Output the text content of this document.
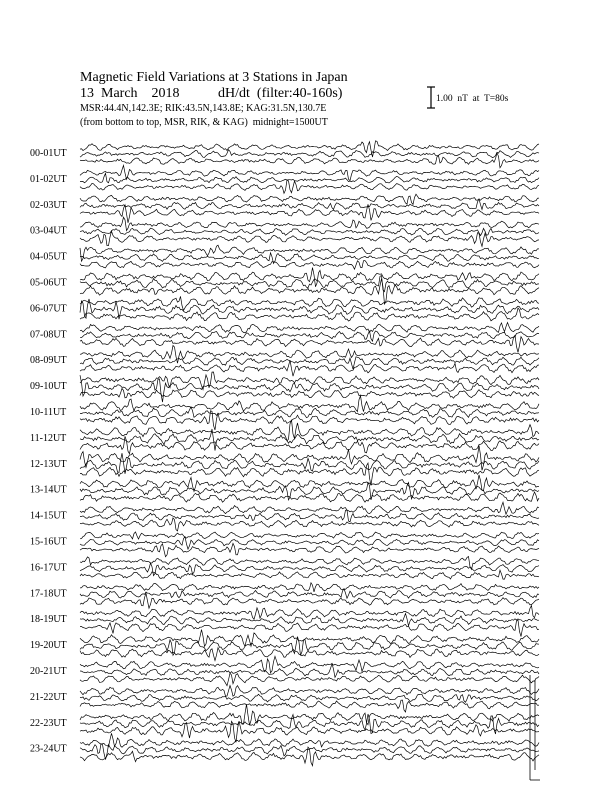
Magnetic Field Variations at 3 Stations in Japan
13  March    2018           dH/dt  (filter:40-160s)
MSR:44.4N,142.3E; RIK:43.5N,143.8E; KAG:31.5N,130.7E
(from bottom to top, MSR, RIK, & KAG)  midnight=1500UT
1.00  nT  at  T=80s
00-01UT
01-02UT
02-03UT
03-04UT
04-05UT
05-06UT
06-07UT
07-08UT
08-09UT
09-10UT
10-11UT
11-12UT
12-13UT
13-14UT
14-15UT
15-16UT
16-17UT
17-18UT
18-19UT
19-20UT
20-21UT
21-22UT
22-23UT
23-24UT
